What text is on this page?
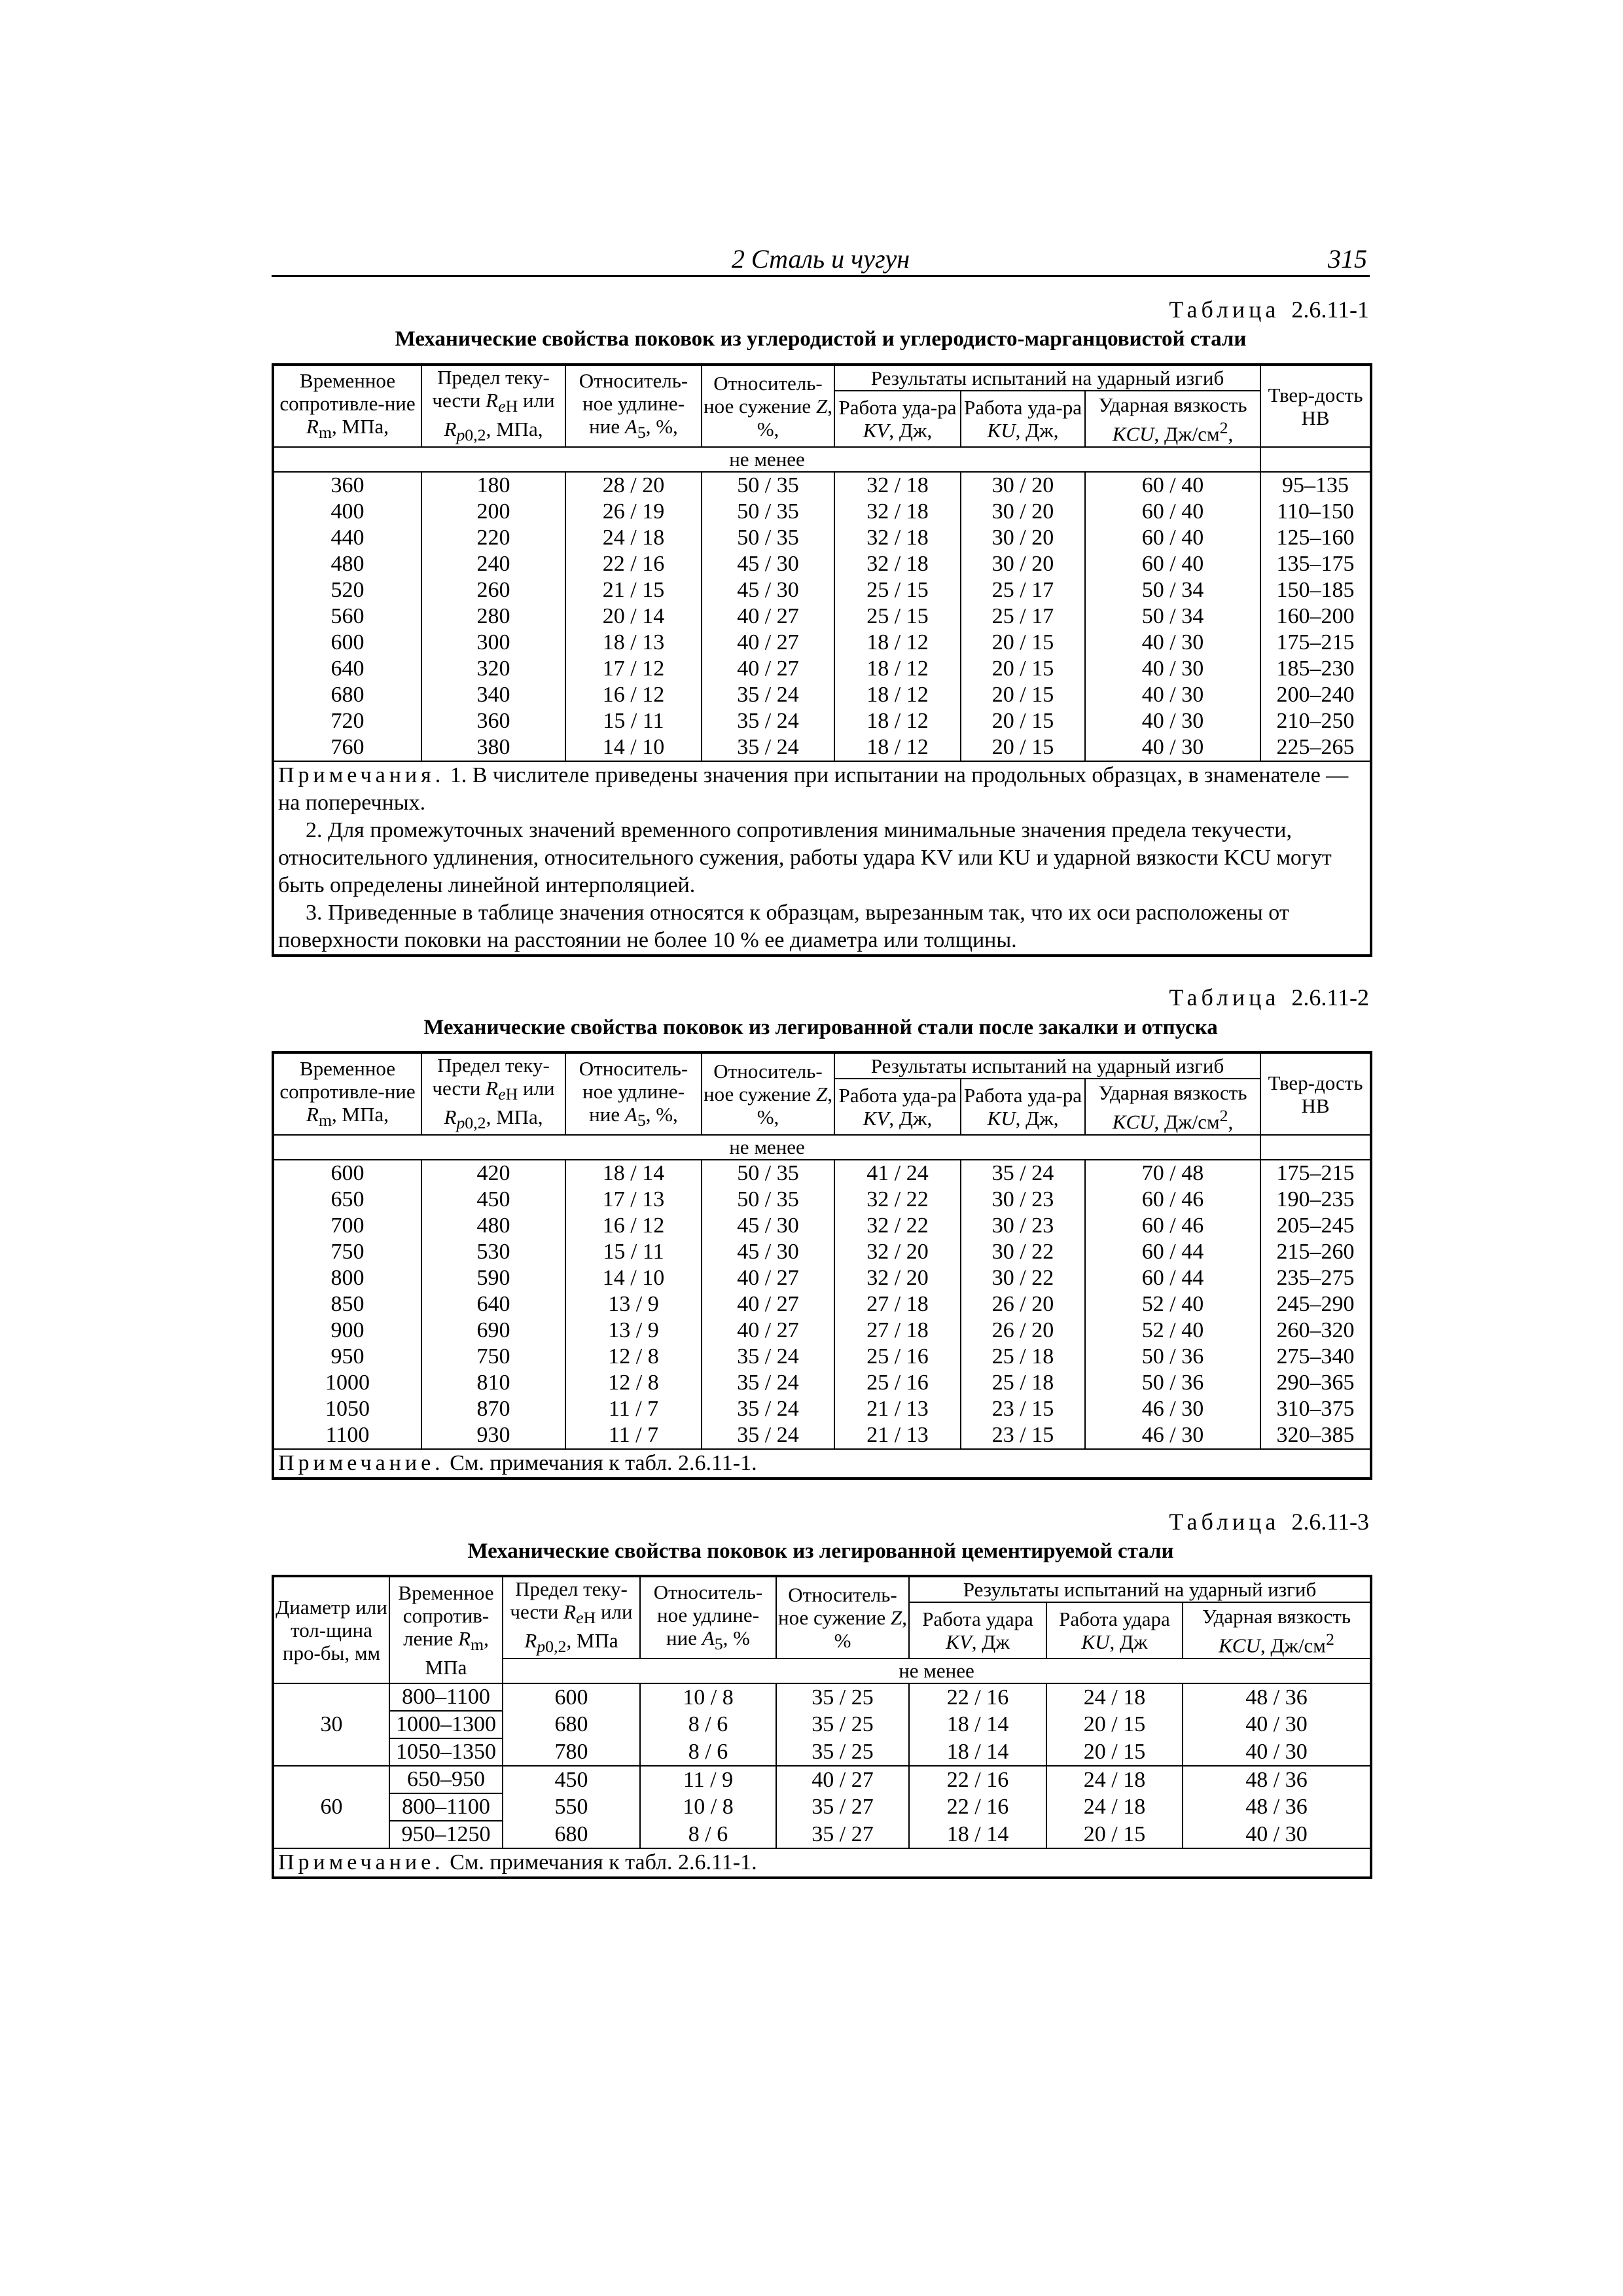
2 Сталь и чугун	315
Таблица 2.6.11-1
Механические свойства поковок из углеродистой и углеродисто-марганцовистой стали
Временное сопротивле-ние $R_m$, МПа,	Предел теку-чести $R_{eH}$ или $R_{p0,2}$, МПа,	Относитель-ное удлине-ние $A_5$, %,	Относитель-ное сужение Z, %,	Результаты испытаний на ударный изгиб			Твер-дость НВ
				Работа уда-ра KV, Дж,	Работа уда-ра KU, Дж,	Ударная вязкость KCU, $Дж/см^2$,	
не менее							
360	180	28 / 20	50 / 35	32 / 18	30 / 20	60 / 40	95–135
400	200	26 / 19	50 / 35	32 / 18	30 / 20	60 / 40	110–150
440	220	24 / 18	50 / 35	32 / 18	30 / 20	60 / 40	125–160
480	240	22 / 16	45 / 30	32 / 18	30 / 20	60 / 40	135–175
520	260	21 / 15	45 / 30	25 / 15	25 / 17	50 / 34	150–185
560	280	20 / 14	40 / 27	25 / 15	25 / 17	50 / 34	160–200
600	300	18 / 13	40 / 27	18 / 12	20 / 15	40 / 30	175–215
640	320	17 / 12	40 / 27	18 / 12	20 / 15	40 / 30	185–230
680	340	16 / 12	35 / 24	18 / 12	20 / 15	40 / 30	200–240
720	360	15 / 11	35 / 24	18 / 12	20 / 15	40 / 30	210–250
760	380	14 / 10	35 / 24	18 / 12	20 / 15	40 / 30	225–265

Примечания. 1. В числителе приведены значения при испытании на продольных образцах, в знаменателе — на поперечных.
2. Для промежуточных значений временного сопротивления минимальные значения предела текучести, относительного удлинения, относительного сужения, работы удара KV или KU и ударной вязкости KCU могут быть определены линейной интерполяцией.
3. Приведенные в таблице значения относятся к образцам, вырезанным так, что их оси расположены от поверхности поковки на расстоянии не более 10 % ее диаметра или толщины.							
Таблица 2.6.11-2
Механические свойства поковок из легированной стали после закалки и отпуска
Временное сопротивле-ние $R_m$, МПа,	Предел теку-чести $R_{eH}$ или $R_{p0,2}$, МПа,	Относитель-ное удлине-ние $A_5$, %,	Относитель-ное сужение Z, %,	Результаты испытаний на ударный изгиб			Твер-дость НВ
				Работа уда-ра KV, Дж,	Работа уда-ра KU, Дж,	Ударная вязкость KCU, $Дж/см^2$,	
не менее							
600	420	18 / 14	50 / 35	41 / 24	35 / 24	70 / 48	175–215
650	450	17 / 13	50 / 35	32 / 22	30 / 23	60 / 46	190–235
700	480	16 / 12	45 / 30	32 / 22	30 / 23	60 / 46	205–245
750	530	15 / 11	45 / 30	32 / 20	30 / 22	60 / 44	215–260
800	590	14 / 10	40 / 27	32 / 20	30 / 22	60 / 44	235–275
850	640	13 / 9	40 / 27	27 / 18	26 / 20	52 / 40	245–290
900	690	13 / 9	40 / 27	27 / 18	26 / 20	52 / 40	260–320
950	750	12 / 8	35 / 24	25 / 16	25 / 18	50 / 36	275–340
1000	810	12 / 8	35 / 24	25 / 16	25 / 18	50 / 36	290–365
1050	870	11 / 7	35 / 24	21 / 13	23 / 15	46 / 30	310–375
1100	930	11 / 7	35 / 24	21 / 13	23 / 15	46 / 30	320–385
Примечание. См. примечания к табл. 2.6.11-1.							
Таблица 2.6.11-3
Механические свойства поковок из легированной цементируемой стали
Диаметр или тол-щина про-бы, мм	Временное сопротив-ление $R_m$, МПа	Предел теку-чести $R_{eH}$ или $R_{p0,2}$, МПа	Относитель-ное удлине-ние $A_5$, %	Относитель-ное сужение Z, %	Результаты испытаний на ударный изгиб		
					Работа удара KV, Дж	Работа удара KU, Дж	Ударная вязкость KCU, $Дж/см^2$
		не менее					
30	800–1100	600	10 / 8	35 / 25	22 / 16	24 / 18	48 / 36
	1000–1300	680	8 / 6	35 / 25	18 / 14	20 / 15	40 / 30
	1050–1350	780	8 / 6	35 / 25	18 / 14	20 / 15	40 / 30
60	650–950	450	11 / 9	40 / 27	22 / 16	24 / 18	48 / 36
	800–1100	550	10 / 8	35 / 27	22 / 16	24 / 18	48 / 36
	950–1250	680	8 / 6	35 / 27	18 / 14	20 / 15	40 / 30
Примечание. См. примечания к табл. 2.6.11-1.							
